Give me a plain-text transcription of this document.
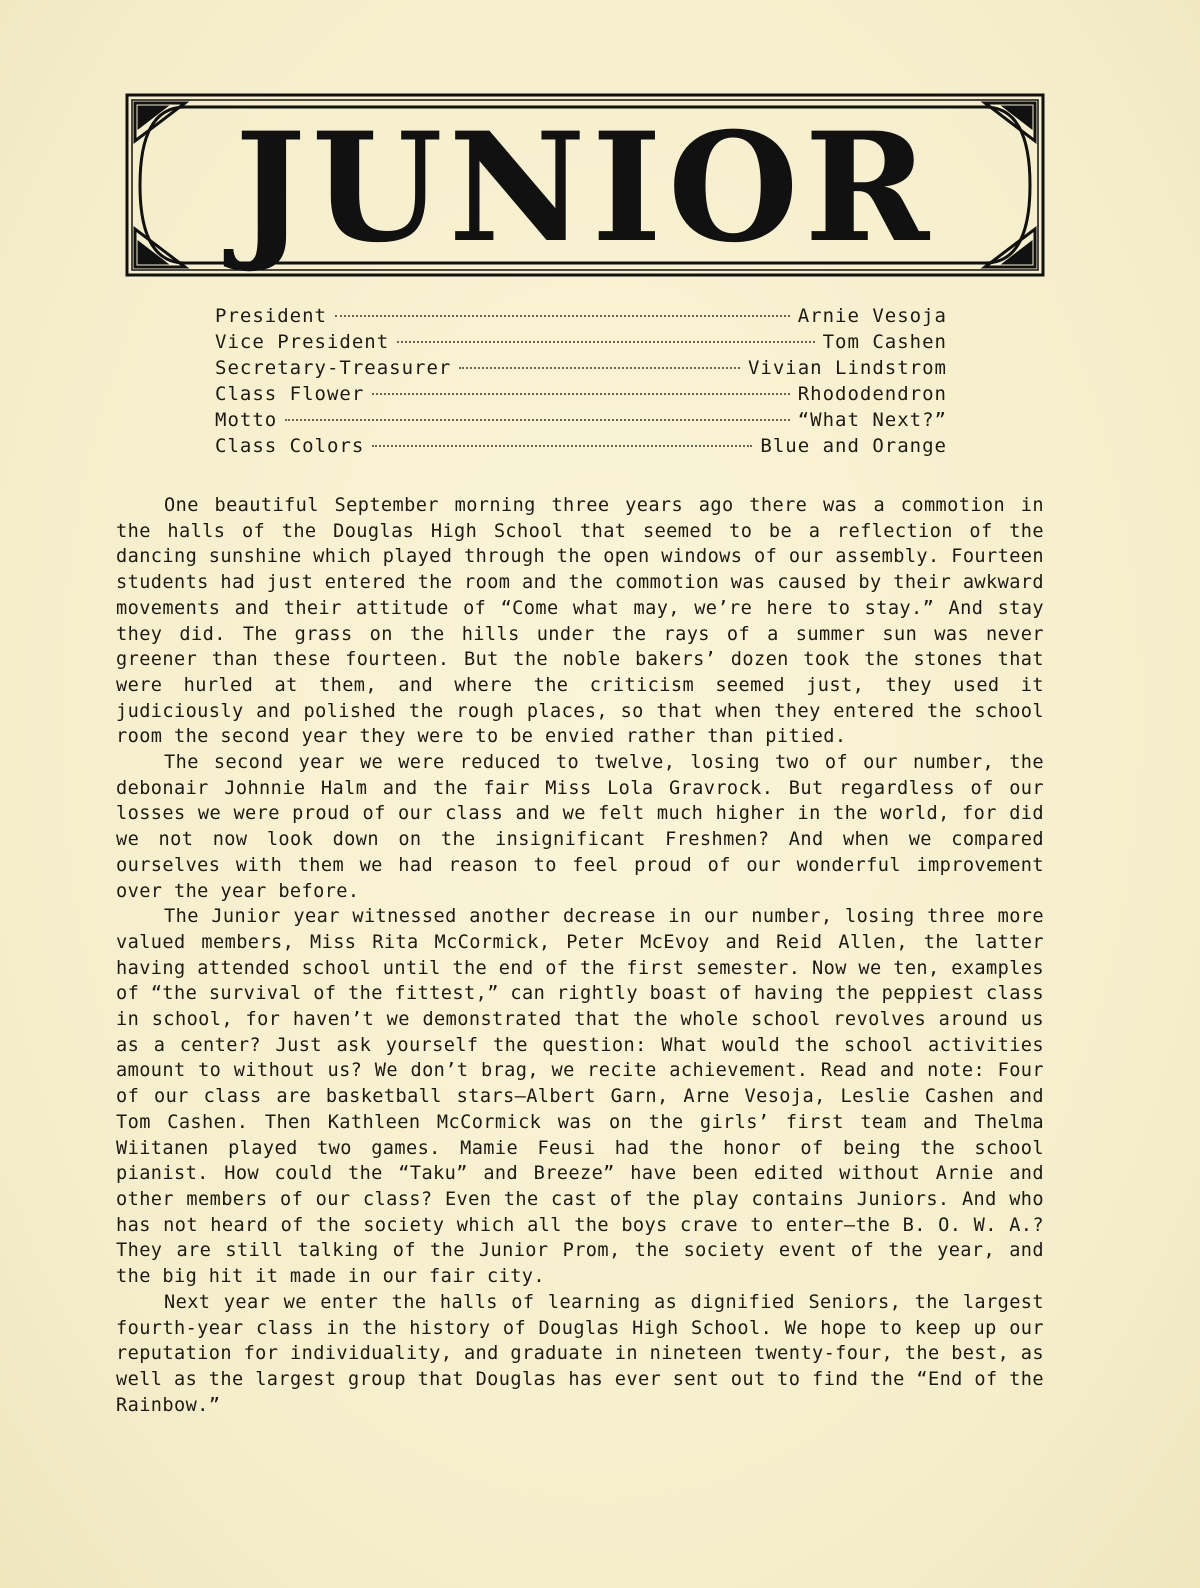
JUNIOR
President	Arnie Vesoja
Vice President	Tom Cashen
Secretary-Treasurer	Vivian Lindstrom
Class Flower	Rhododendron
Motto	“What Next?”
Class Colors	Blue and Orange

One beautiful September morning three years ago there was a commotion in the halls of the Douglas High School that seemed to be a reflection of the dancing sunshine which played through the open windows of our assembly. Fourteen students had just entered the room and the commotion was caused by their awkward movements and their attitude of “Come what may, we’re here to stay.” And stay they did. The grass on the hills under the rays of a summer sun was never greener than these fourteen. But the noble bakers’ dozen took the stones that were hurled at them, and where the criticism seemed just, they used it judiciously and polished the rough places, so that when they entered the school room the second year they were to be envied rather than pitied.

The second year we were reduced to twelve, losing two of our number, the debonair Johnnie Halm and the fair Miss Lola Gravrock. But regardless of our losses we were proud of our class and we felt much higher in the world, for did we not now look down on the insignificant Freshmen? And when we compared ourselves with them we had reason to feel proud of our wonderful improvement over the year before.

The Junior year witnessed another decrease in our number, losing three more valued members, Miss Rita McCormick, Peter McEvoy and Reid Allen, the latter having attended school until the end of the first semester. Now we ten, examples of “the survival of the fittest,” can rightly boast of having the peppiest class in school, for haven’t we demonstrated that the whole school revolves around us as a center? Just ask yourself the question: What would the school activities amount to without us? We don’t brag, we recite achievement. Read and note: Four of our class are basketball stars—Albert Garn, Arne Vesoja, Leslie Cashen and Tom Cashen. Then Kathleen McCormick was on the girls’ first team and Thelma Wiitanen played two games. Mamie Feusi had the honor of being the school pianist. How could the “Taku” and Breeze” have been edited without Arnie and other members of our class? Even the cast of the play contains Juniors. And who has not heard of the society which all the boys crave to enter—the B. O. W. A.? They are still talking of the Junior Prom, the society event of the year, and the big hit it made in our fair city.

Next year we enter the halls of learning as dignified Seniors, the largest fourth-year class in the history of Douglas High School. We hope to keep up our reputation for individuality, and graduate in nineteen twenty-four, the best, as well as the largest group that Douglas has ever sent out to find the “End of the Rainbow.”
